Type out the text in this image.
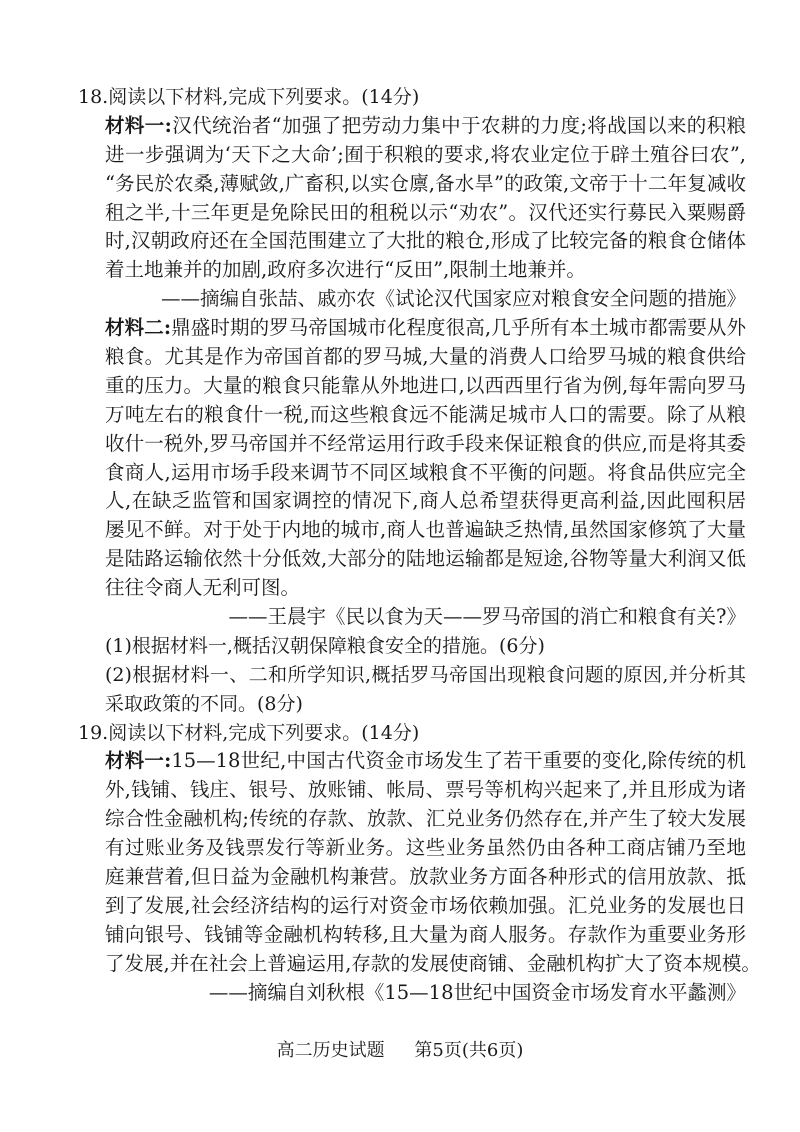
18.阅读以下材料,完成下列要求。(14分)
材料一:汉代统治者“加强了把劳动力集中于农耕的力度;将战国以来的积粮
进一步强调为‘天下之大命’;囿于积粮的要求,将农业定位于辟土殖谷曰农”,
“务民於农桑,薄赋敛,广畜积,以实仓廪,备水旱”的政策,文帝于十二年复减收
租之半,十三年更是免除民田的租税以示“劝农”。汉代还实行募民入粟赐爵
时,汉朝政府还在全国范围建立了大批的粮仓,形成了比较完备的粮食仓储体
着土地兼并的加剧,政府多次进行“反田”,限制土地兼并。
——摘编自张喆、戚亦农《试论汉代国家应对粮食安全问题的措施》
材料二:鼎盛时期的罗马帝国城市化程度很高,几乎所有本土城市都需要从外
粮食。尤其是作为帝国首都的罗马城,大量的消费人口给罗马城的粮食供给
重的压力。大量的粮食只能靠从外地进口,以西西里行省为例,每年需向罗马
万吨左右的粮食什一税,而这些粮食远不能满足城市人口的需要。除了从粮
收什一税外,罗马帝国并不经常运用行政手段来保证粮食的供应,而是将其委
食商人,运用市场手段来调节不同区域粮食不平衡的问题。将食品供应完全
人,在缺乏监管和国家调控的情况下,商人总希望获得更高利益,因此囤积居
屡见不鲜。对于处于内地的城市,商人也普遍缺乏热情,虽然国家修筑了大量
是陆路运输依然十分低效,大部分的陆地运输都是短途,谷物等量大利润又低
往往令商人无利可图。
——王晨宇《民以食为天——罗马帝国的消亡和粮食有关?》
(1)根据材料一,概括汉朝保障粮食安全的措施。(6分)
(2)根据材料一、二和所学知识,概括罗马帝国出现粮食问题的原因,并分析其
采取政策的不同。(8分)
19.阅读以下材料,完成下列要求。(14分)
材料一:15—18世纪,中国古代资金市场发生了若干重要的变化,除传统的机
外,钱铺、钱庄、银号、放账铺、帐局、票号等机构兴起来了,并且形成为诸
综合性金融机构;传统的存款、放款、汇兑业务仍然存在,并产生了较大发展
有过账业务及钱票发行等新业务。这些业务虽然仍由各种工商店铺乃至地
庭兼营着,但日益为金融机构兼营。放款业务方面各种形式的信用放款、抵
到了发展,社会经济结构的运行对资金市场依赖加强。汇兑业务的发展也日
铺向银号、钱铺等金融机构转移,且大量为商人服务。存款作为重要业务形
了发展,并在社会上普遍运用,存款的发展使商铺、金融机构扩大了资本规模。
——摘编自刘秋根《15—18世纪中国资金市场发育水平蠡测》
高二历史试题 第5页(共6页)
